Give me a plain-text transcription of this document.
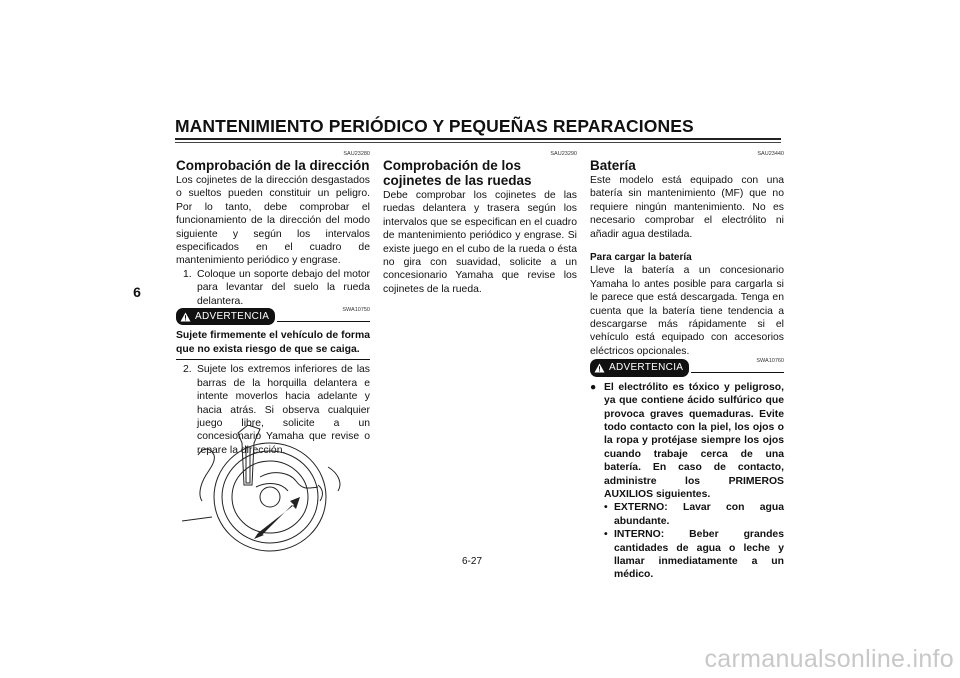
MANTENIMIENTO PERIÓDICO Y PEQUEÑAS REPARACIONES
6
SAU23280
Comprobación de la dirección

Los cojinetes de la dirección desgastados o sueltos pueden constituir un peligro. Por lo tanto, debe comprobar el funcionamiento de la dirección del modo siguiente y según los intervalos especificados en el cuadro de mantenimiento periódico y engrase.

1. Coloque un soporte debajo del motor para levantar del suelo la rueda delantera.
SWA10750
ADVERTENCIA

Sujete firmemente el vehículo de forma que no exista riesgo de que se caiga.

2. Sujete los extremos inferiores de las barras de la horquilla delantera e intente moverlos hacia adelante y hacia atrás. Si observa cualquier juego libre, solicite a un concesionario Yamaha que revise o repare la dirección.
SAU23290
Comprobación de los cojinetes de las ruedas

Debe comprobar los cojinetes de las ruedas delantera y trasera según los intervalos que se especifican en el cuadro de mantenimiento periódico y engrase. Si existe juego en el cubo de la rueda o ésta no gira con suavidad, solicite a un concesionario Yamaha que revise los cojinetes de la rueda.

SAU23440
Batería

Este modelo está equipado con una batería sin mantenimiento (MF) que no requiere ningún mantenimiento. No es necesario comprobar el electrólito ni añadir agua destilada.

Para cargar la batería

Lleve la batería a un concesionario Yamaha lo antes posible para cargarla si le parece que está descargada. Tenga en cuenta que la batería tiene tendencia a descargarse más rápidamente si el vehículo está equipado con accesorios eléctricos opcionales.

SWA10760
ADVERTENCIA
● El electrólito es tóxico y peligroso, ya que contiene ácido sulfúrico que provoca graves quemaduras. Evite todo contacto con la piel, los ojos o la ropa y protéjase siempre los ojos cuando trabaje cerca de una batería. En caso de contacto, administre los PRIMEROS AUXILIOS siguientes.
• EXTERNO: Lavar con agua abundante.
• INTERNO: Beber grandes cantidades de agua o leche y llamar inmediatamente a un médico.
6-27
carmanualsonline.info
